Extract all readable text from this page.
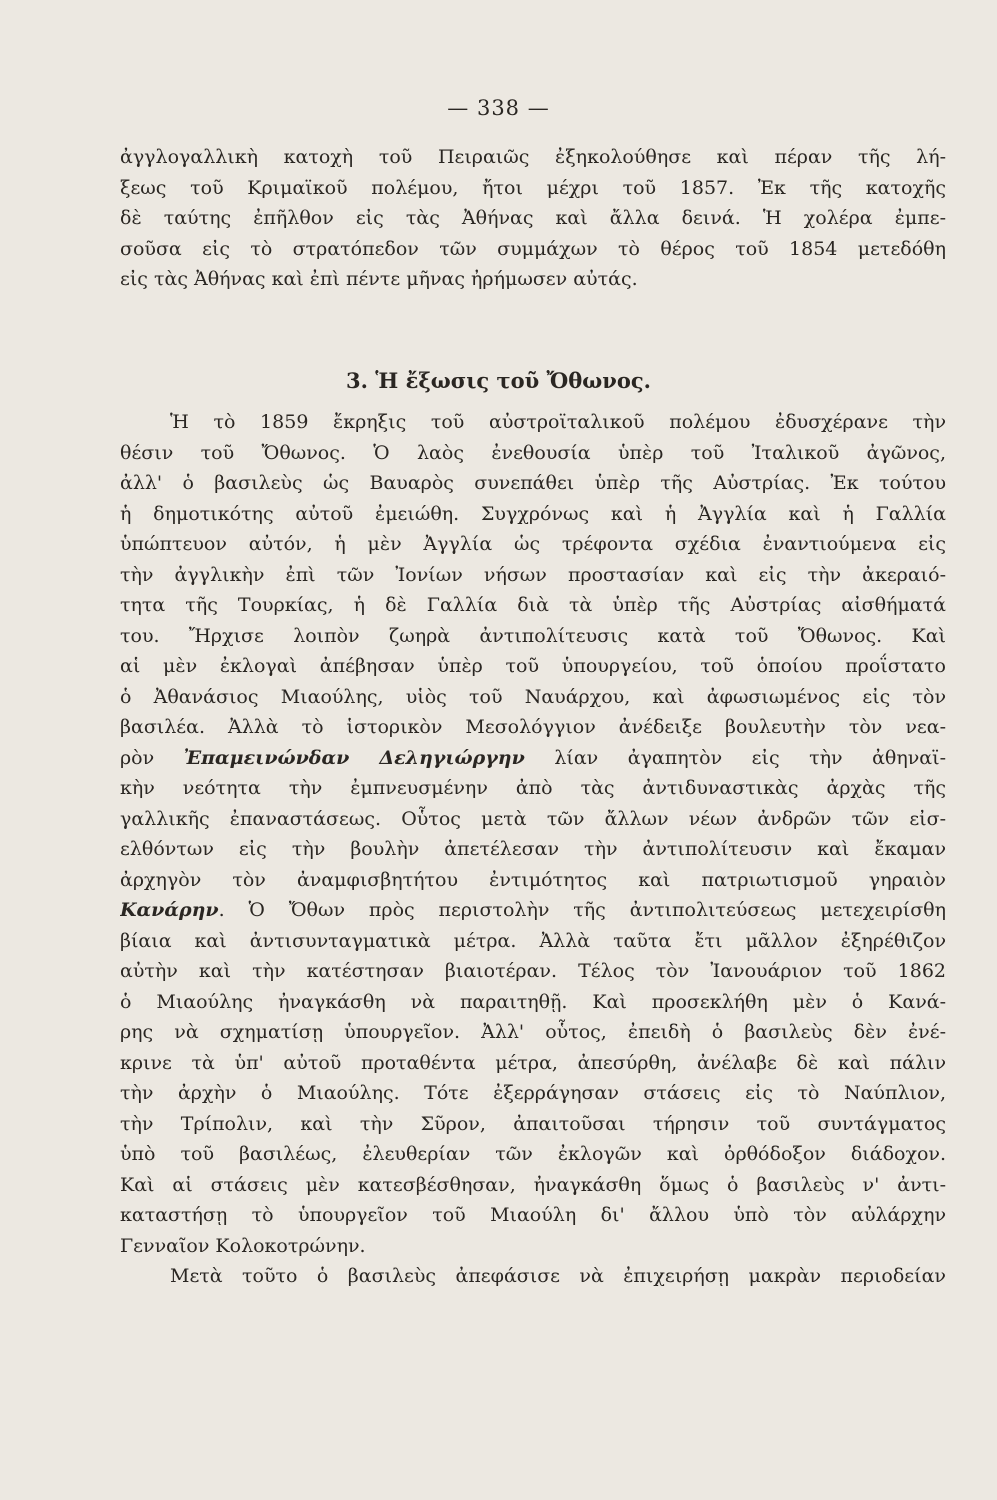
— 338 —
ἀγγλογαλλικὴ κατοχὴ τοῦ Πειραιῶς ἐξηκολούθησε καὶ πέραν τῆς λή-
ξεως τοῦ Κριμαϊκοῦ πολέμου, ἤτοι μέχρι τοῦ 1857. Ἐκ τῆς κατοχῆς
δὲ ταύτης ἐπῆλθον εἰς τὰς Ἀθήνας καὶ ἄλλα δεινά. Ἡ χολέρα ἐμπε-
σοῦσα εἰς τὸ στρατόπεδον τῶν συμμάχων τὸ θέρος τοῦ 1854 μετεδόθη
εἰς τὰς Ἀθήνας καὶ ἐπὶ πέντε μῆνας ἠρήμωσεν αὐτάς.
3. Ἡ ἔξωσις τοῦ Ὄθωνος.
Ἡ τὸ 1859 ἔκρηξις τοῦ αὐστροϊταλικοῦ πολέμου ἐδυσχέρανε τὴν
θέσιν τοῦ Ὄθωνος. Ὁ λαὸς ἐνεθουσία ὑπὲρ τοῦ Ἰταλικοῦ ἀγῶνος,
ἀλλ' ὁ βασιλεὺς ὡς Βαυαρὸς συνεπάθει ὑπὲρ τῆς Αὐστρίας. Ἐκ τούτου
ἡ δημοτικότης αὐτοῦ ἐμειώθη. Συγχρόνως καὶ ἡ Ἀγγλία καὶ ἡ Γαλλία
ὑπώπτευον αὐτόν, ἡ μὲν Ἀγγλία ὡς τρέφοντα σχέδια ἐναντιούμενα εἰς
τὴν ἀγγλικὴν ἐπὶ τῶν Ἰονίων νήσων προστασίαν καὶ εἰς τὴν ἀκεραιό-
τητα τῆς Τουρκίας, ἡ δὲ Γαλλία διὰ τὰ ὑπὲρ τῆς Αὐστρίας αἰσθήματά
του. Ἤρχισε λοιπὸν ζωηρὰ ἀντιπολίτευσις κατὰ τοῦ Ὄθωνος. Καὶ
αἱ μὲν ἐκλογαὶ ἀπέβησαν ὑπὲρ τοῦ ὑπουργείου, τοῦ ὁποίου προΐστατο
ὁ Ἀθανάσιος Μιαούλης, υἱὸς τοῦ Ναυάρχου, καὶ ἀφωσιωμένος εἰς τὸν
βασιλέα. Ἀλλὰ τὸ ἱστορικὸν Μεσολόγγιον ἀνέδειξε βουλευτὴν τὸν νεα-
ρὸν Ἐπαμεινώνδαν Δεληγιώργην λίαν ἀγαπητὸν εἰς τὴν ἀθηναϊ-
κὴν νεότητα τὴν ἐμπνευσμένην ἀπὸ τὰς ἀντιδυναστικὰς ἀρχὰς τῆς
γαλλικῆς ἐπαναστάσεως. Οὗτος μετὰ τῶν ἄλλων νέων ἀνδρῶν τῶν εἰσ-
ελθόντων εἰς τὴν βουλὴν ἀπετέλεσαν τὴν ἀντιπολίτευσιν καὶ ἔκαμαν
ἀρχηγὸν τὸν ἀναμφισβητήτου ἐντιμότητος καὶ πατριωτισμοῦ γηραιὸν
Κανάρην. Ὁ Ὄθων πρὸς περιστολὴν τῆς ἀντιπολιτεύσεως μετεχειρίσθη
βίαια καὶ ἀντισυνταγματικὰ μέτρα. Ἀλλὰ ταῦτα ἔτι μᾶλλον ἐξηρέθιζον
αὐτὴν καὶ τὴν κατέστησαν βιαιοτέραν. Τέλος τὸν Ἰανουάριον τοῦ 1862
ὁ Μιαούλης ἠναγκάσθη νὰ παραιτηθῇ. Καὶ προσεκλήθη μὲν ὁ Κανά-
ρης νὰ σχηματίσῃ ὑπουργεῖον. Ἀλλ' οὗτος, ἐπειδὴ ὁ βασιλεὺς δὲν ἐνέ-
κρινε τὰ ὑπ' αὐτοῦ προταθέντα μέτρα, ἀπεσύρθη, ἀνέλαβε δὲ καὶ πάλιν
τὴν ἀρχὴν ὁ Μιαούλης. Τότε ἐξερράγησαν στάσεις εἰς τὸ Ναύπλιον,
τὴν Τρίπολιν, καὶ τὴν Σῦρον, ἀπαιτοῦσαι τήρησιν τοῦ συντάγματος
ὑπὸ τοῦ βασιλέως, ἐλευθερίαν τῶν ἐκλογῶν καὶ ὀρθόδοξον διάδοχον.
Καὶ αἱ στάσεις μὲν κατεσβέσθησαν, ἠναγκάσθη ὅμως ὁ βασιλεὺς ν' ἀντι-
καταστήσῃ τὸ ὑπουργεῖον τοῦ Μιαούλη δι' ἄλλου ὑπὸ τὸν αὐλάρχην
Γενναῖον Κολοκοτρώνην.
Μετὰ τοῦτο ὁ βασιλεὺς ἀπεφάσισε νὰ ἐπιχειρήσῃ μακρὰν περιοδείαν
